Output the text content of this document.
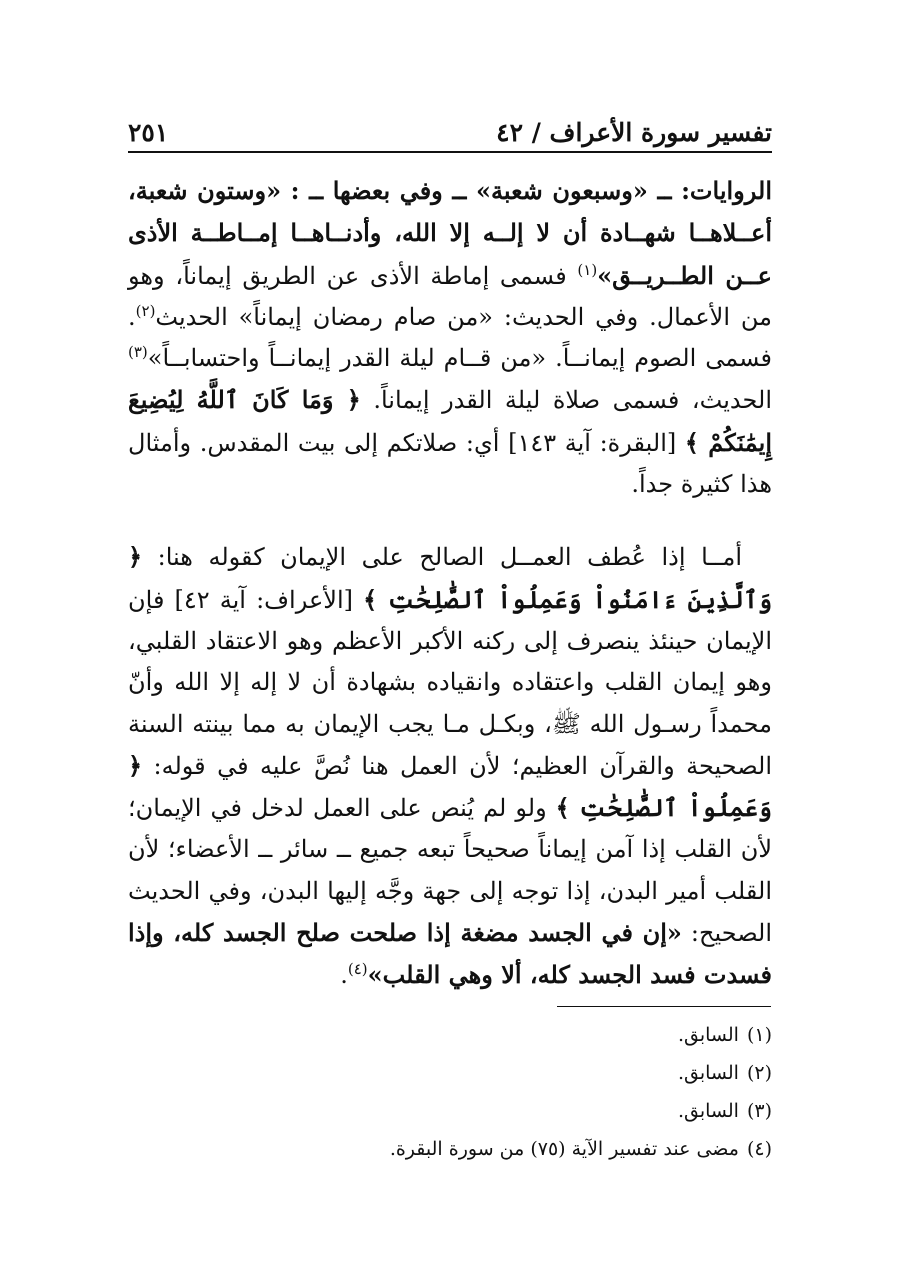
تفسير سورة الأعراف / ٤٢
٢٥١

الروايات: ــ «وسبعون شعبة» ــ وفي بعضها ــ : «وستون شعبة، أعــلاهــا شهــادة أن لا إلــه إلا الله، وأدنــاهــا إمــاطــة الأذى عــن الطــريــق»$^{(١)}$ فسمى إماطة الأذى عن الطريق إيماناً، وهو من الأعمال. وفي الحديث: «من صام رمضان إيماناً» الحديث$^{(٢)}$. فسمى الصوم إيمانــاً. «من قــام ليلة القدر إيمانــاً واحتسابــاً»$^{(٣)}$ الحديث، فسمى صلاة ليلة القدر إيماناً. ﴿ وَمَا كَانَ ٱللَّهُ لِيُضِيعَ إِيمَٰنَكُمْ ﴾ [البقرة: آية ١٤٣] أي: صلاتكم إلى بيت المقدس. وأمثال هذا كثيرة جداً.

أمــا إذا عُطف العمــل الصالح على الإيمان كقوله هنا: ﴿ وَٱلَّذِينَ ءَامَنُواْ وَعَمِلُواْ ٱلصَّٰلِحَٰتِ ﴾ [الأعراف: آية ٤٢] فإن الإيمان حينئذ ينصرف إلى ركنه الأكبر الأعظم وهو الاعتقاد القلبي، وهو إيمان القلب واعتقاده وانقياده بشهادة أن لا إله إلا الله وأنّ محمداً رسـول الله ﷺ، وبكـل مـا يجب الإيمان به مما بينته السنة الصحيحة والقرآن العظيم؛ لأن العمل هنا نُصَّ عليه في قوله: ﴿ وَعَمِلُواْ ٱلصَّٰلِحَٰتِ ﴾ ولو لم يُنص على العمل لدخل في الإيمان؛ لأن القلب إذا آمن إيماناً صحيحاً تبعه جميع ــ سائر ــ الأعضاء؛ لأن القلب أمير البدن، إذا توجه إلى جهة وجَّه إليها البدن، وفي الحديث الصحيح: «إن في الجسد مضغة إذا صلحت صلح الجسد كله، وإذا فسدت فسد الجسد كله، ألا وهي القلب»$^{(٤)}$.

(١)السابق.
(٢)السابق.
(٣)السابق.
(٤)مضى عند تفسير الآية (٧٥) من سورة البقرة.
